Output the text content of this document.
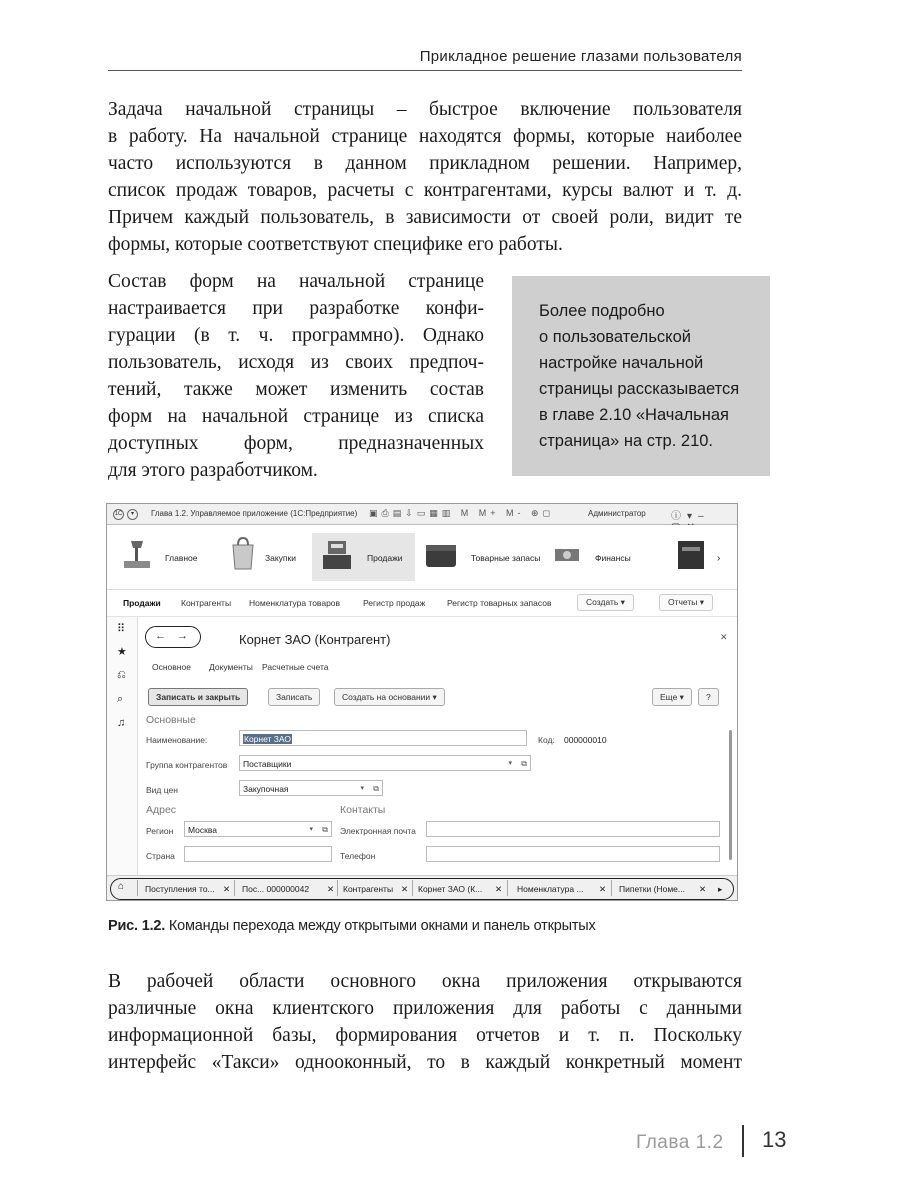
Прикладное решение глазами пользователя
Задача начальной страницы – быстрое включение пользователя
в работу. На начальной странице находятся формы, которые наиболее
часто используются в данном прикладном решении. Например,
список продаж товаров, расчеты с контрагентами, курсы валют и т. д.
Причем каждый пользователь, в зависимости от своей роли, видит те
формы, которые соответствуют специфике его работы.
Состав форм на начальной странице
настраивается при разработке конфи-
гурации (в т. ч. программно). Однако
пользователь, исходя из своих предпоч-
тений, также может изменить состав
форм на начальной странице из списка
доступных форм, предназначенных
для этого разработчиком.
Более подробно
о пользовательской
настройке начальной
страницы рассказывается
в главе 2.10 «Начальная
страница» на стр. 210.
1С	▾	Глава 1.2. Управляемое приложение (1С:Предприятие) ▣⎙▤⇩▭▦▥ M M+ M- ⊕◻	Администратор	ⓘ▾–
Главное	Закупки	Продажи	Товарные запасы	Финансы	›
Продажи Контрагенты Номенклатура товаров	Регистр продаж	Регистр товарных запасов	Создать ▾	Отчеты ▾
⠿
★
⎌
⌕
♫
← →	Корнет ЗАО (Контрагент)	✕
Основное Документы Расчетные счета
Записать и закрыть	Записать	Создать на основании ▾	Еще ▾	?
Основные
Наименование:	Корнет ЗАО	Код: 000000010
Группа контрагентов	Поставщики	▾ ⧉
Вид цен	Закупочная	▾ ⧉
Адрес	Контакты
Регион	Москва	▾ ⧉ Электронная почта
Страна	Телефон
⌂ Поступления то... ✕ Пос... 000000042 ✕ Контрагенты ✕ Корнет ЗАО (К... ✕ Номенклатура ... ✕ Пипетки (Номе... ✕ ▸
Рис. 1.2. Команды перехода между открытыми окнами и панель открытых
В рабочей области основного окна приложения открываются
различные окна клиентского приложения для работы с данными
информационной базы, формирования отчетов и т. п. Поскольку
интерфейс «Такси» однооконный, то в каждый конкретный момент
Глава 1.2 13
